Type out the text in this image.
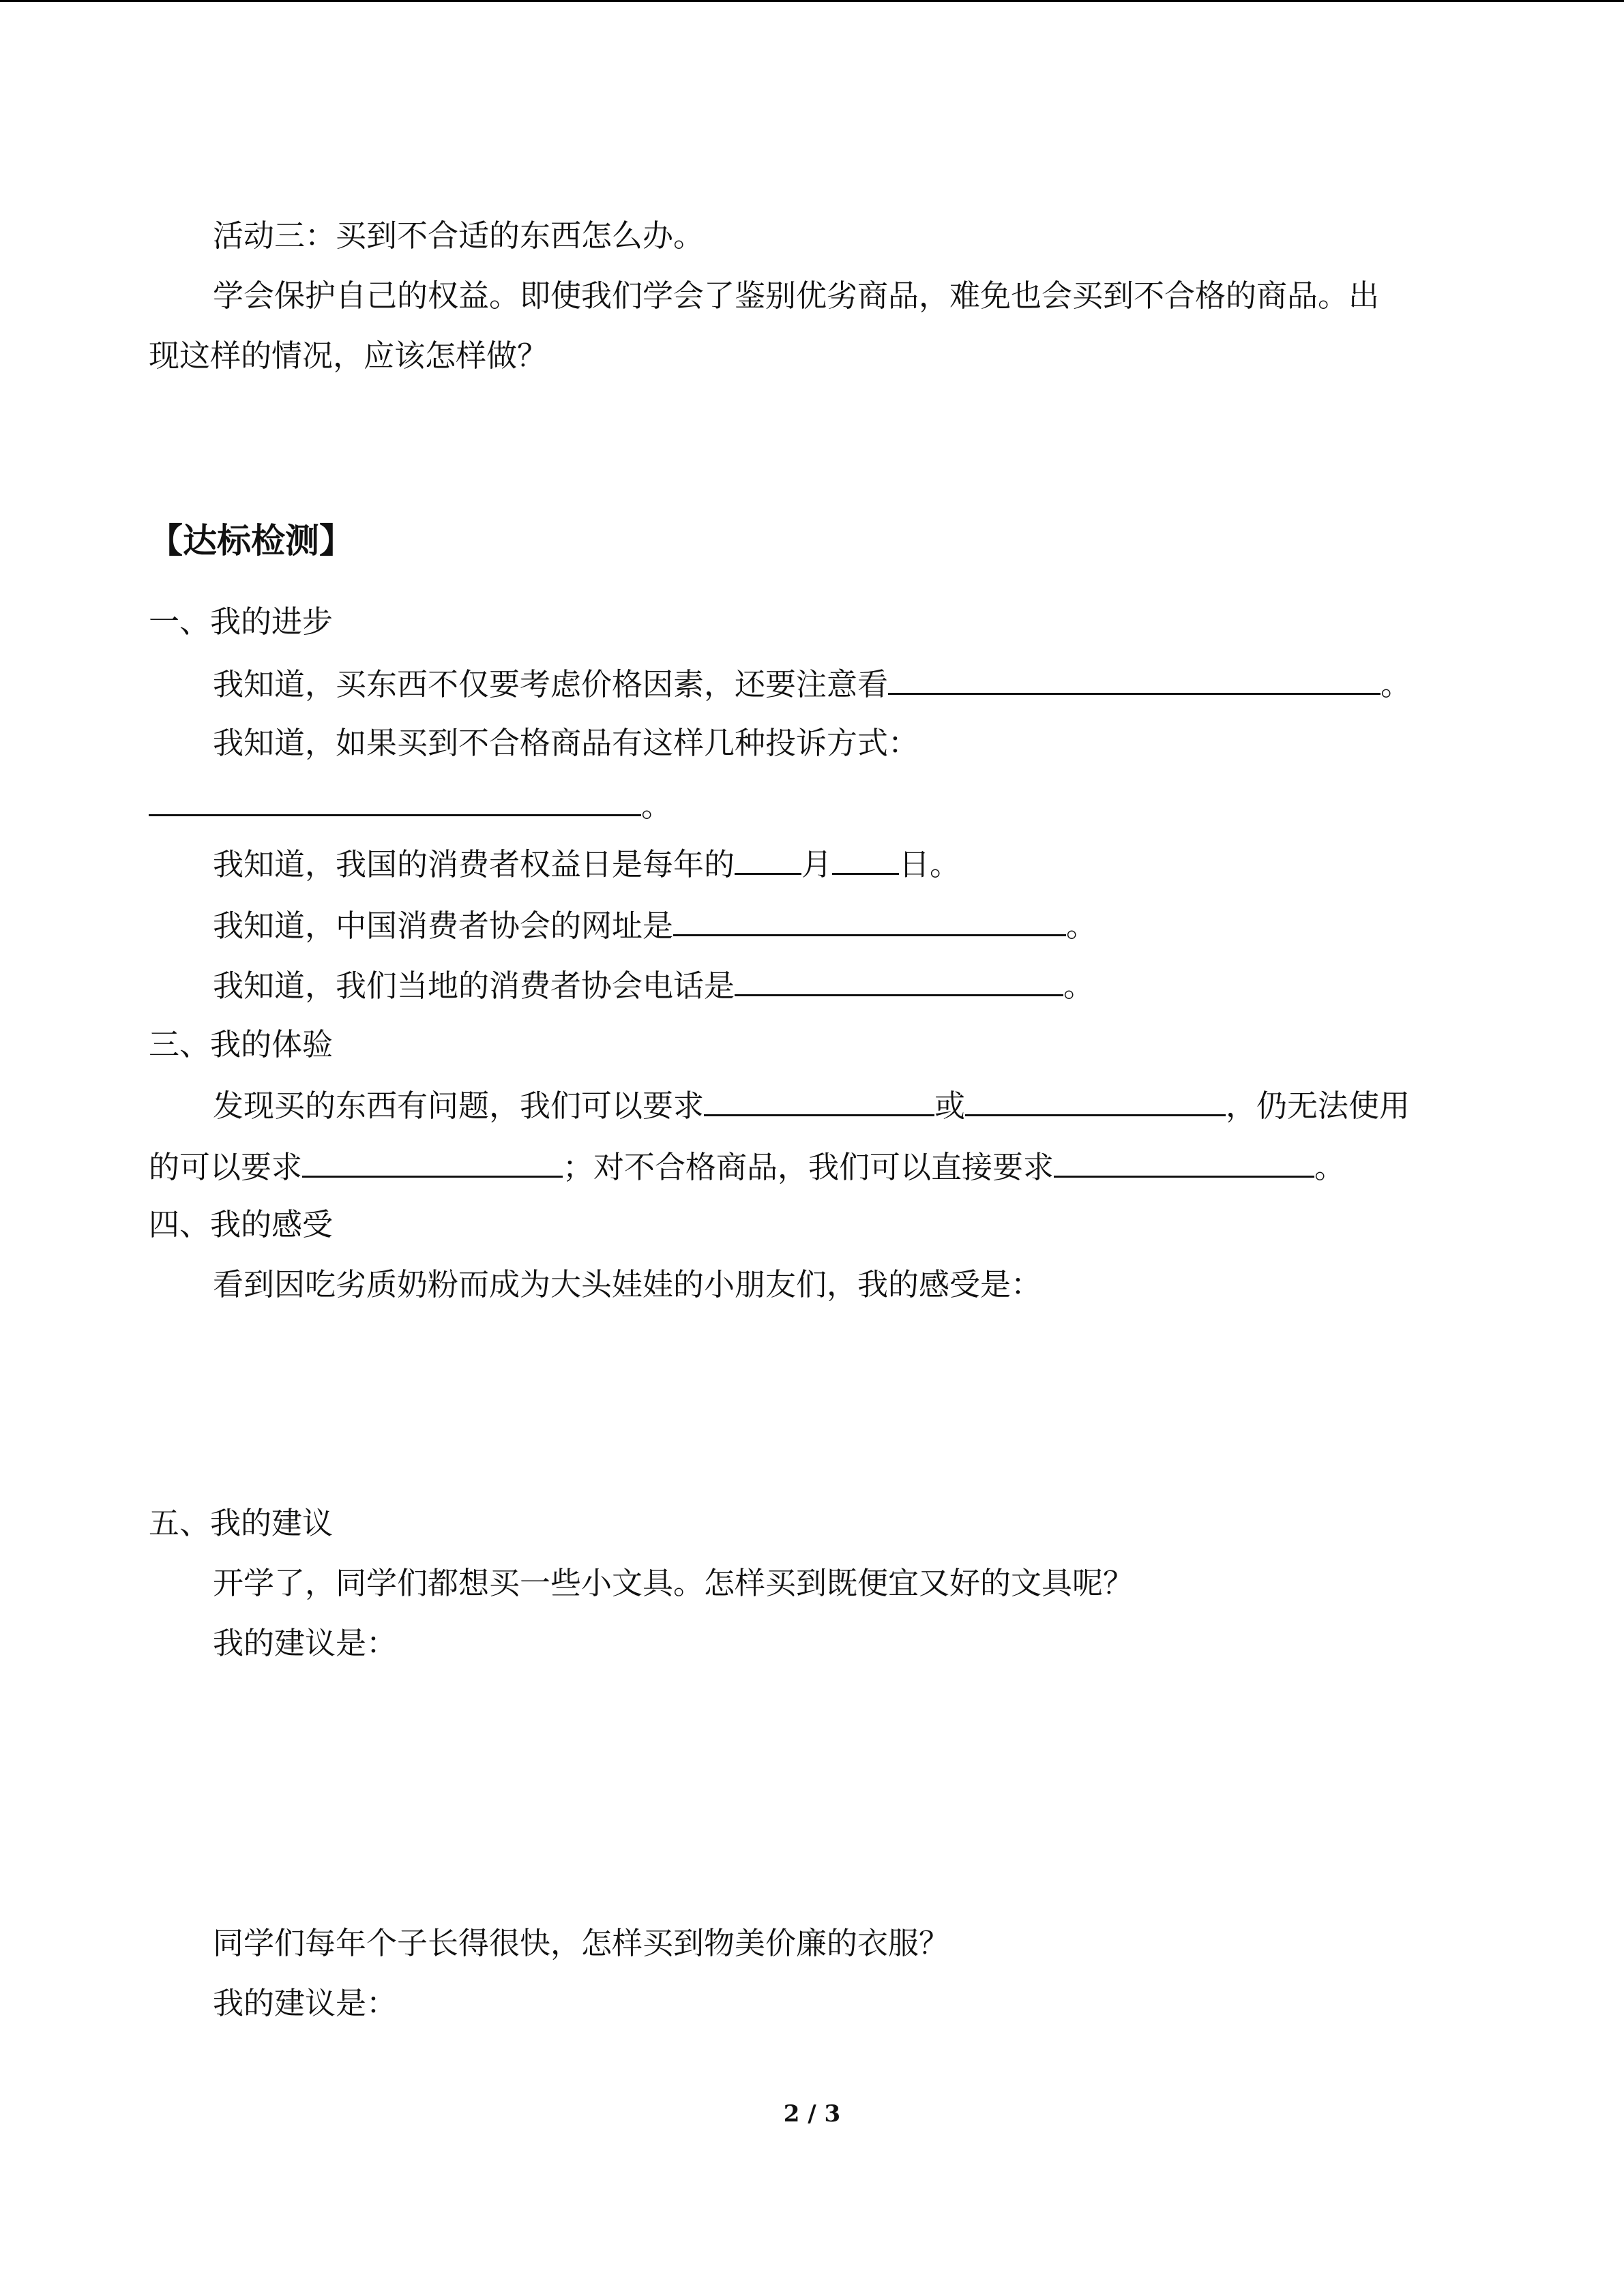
活动三：买到不合适的东西怎么办。
学会保护自己的权益。即使我们学会了鉴别优劣商品，难免也会买到不合格的商品。出
现这样的情况，应该怎样做？
【达标检测】
一、我的进步
我知道，买东西不仅要考虑价格因素，还要注意看	。
我知道，如果买到不合格商品有这样几种投诉方式：
。
我知道，我国的消费者权益日是每年的 月 日。
我知道，中国消费者协会的网址是	。
我知道，我们当地的消费者协会电话是	。
三、我的体验
发现买的东西有问题，我们可以要求	或	，仍无法使用
的可以要求	；对不合格商品，我们可以直接要求	。
四、我的感受
看到因吃劣质奶粉而成为大头娃娃的小朋友们，我的感受是：
五、我的建议
开学了，同学们都想买一些小文具。怎样买到既便宜又好的文具呢？
我的建议是：
同学们每年个子长得很快，怎样买到物美价廉的衣服？
我的建议是：
2 / 3
